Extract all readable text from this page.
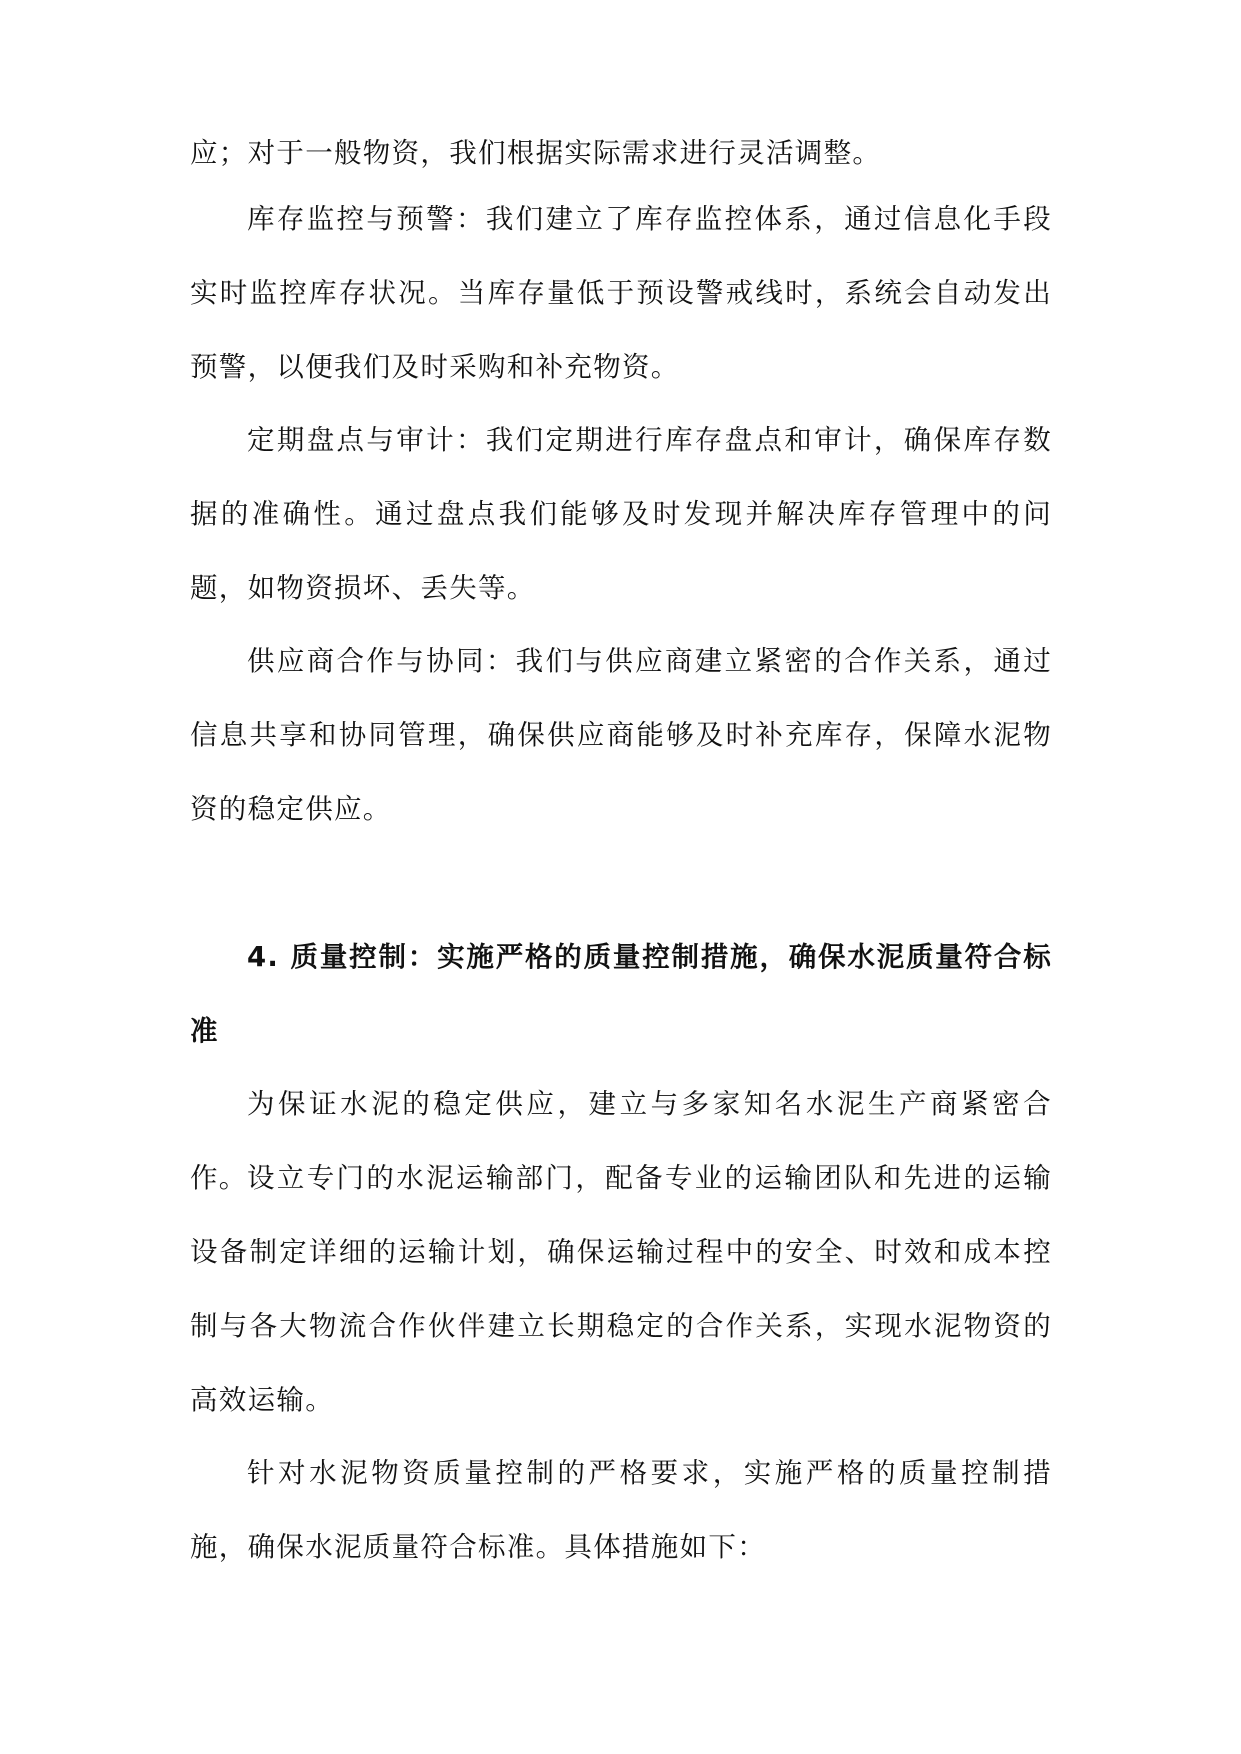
应；对于一般物资，我们根据实际需求进行灵活调整。

库存监控与预警：我们建立了库存监控体系，通过信息化手段实时监控库存状况。当库存量低于预设警戒线时，系统会自动发出预警，以便我们及时采购和补充物资。

定期盘点与审计：我们定期进行库存盘点和审计，确保库存数据的准确性。通过盘点我们能够及时发现并解决库存管理中的问题，如物资损坏、丢失等。

供应商合作与协同：我们与供应商建立紧密的合作关系，通过信息共享和协同管理，确保供应商能够及时补充库存，保障水泥物资的稳定供应。

4. 质量控制：实施严格的质量控制措施，确保水泥质量符合标准

为保证水泥的稳定供应，建立与多家知名水泥生产商紧密合作。 设立专门的水泥运输部门，配备专业的运输团队和先进的运输设备制定详细的运输计划，确保运输过程中的安全、时效和成本控制与各大物流合作伙伴建立长期稳定的合作关系，实现水泥物资的高效运输。

针对水泥物资质量控制的严格要求，实施严格的质量控制措施，确保水泥质量符合标准。具体措施如下：
